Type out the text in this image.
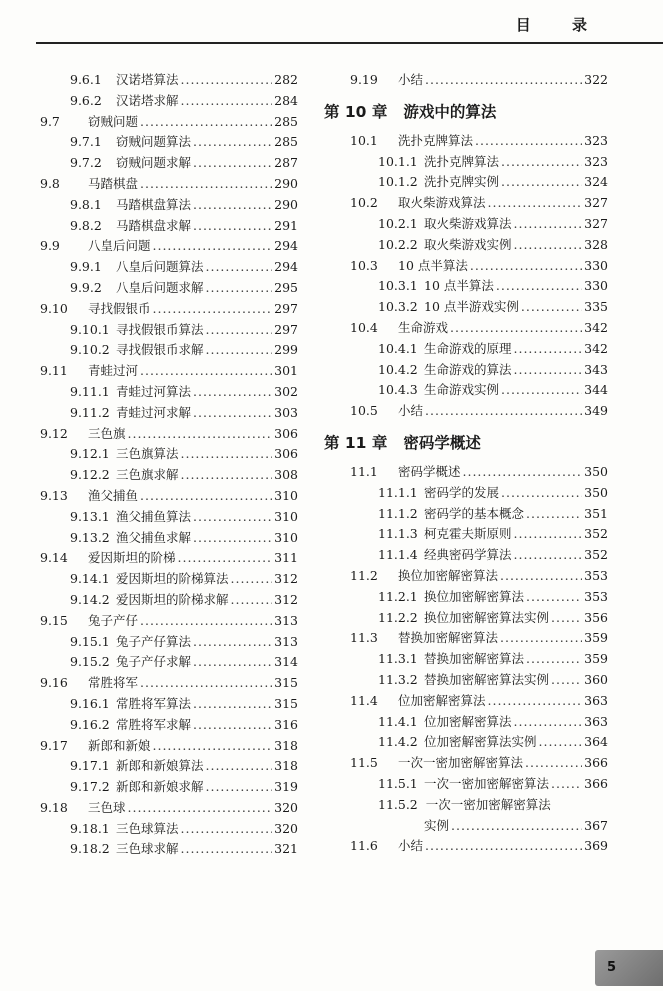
目 录
9.6.1	汉诺塔算法 .....	282
9.6.2	汉诺塔求解 .....	284
9.7	窃贼问题 .....	285
9.7.1	窃贼问题算法 .....	285
9.7.2	窃贼问题求解 .....	287
9.8	马踏棋盘 .....	290
9.8.1	马踏棋盘算法 .....	290
9.8.2	马踏棋盘求解 .....	291
9.9	八皇后问题 .....	294
9.9.1	八皇后问题算法 .....	294
9.9.2	八皇后问题求解 .....	295
9.10	寻找假银币 .....	297
9.10.1 寻找假银币算法 .....	297
9.10.2 寻找假银币求解 .....	299
9.11	青蛙过河 .....	301
9.11.1 青蛙过河算法 .....	302
9.11.2 青蛙过河求解 .....	303
9.12	三色旗 .....	306
9.12.1 三色旗算法 .....	306
9.12.2 三色旗求解 .....	308
9.13	渔父捕鱼 .....	310
9.13.1 渔父捕鱼算法 .....	310
9.13.2 渔父捕鱼求解 .....	310
9.14	爱因斯坦的阶梯 .....	311
9.14.1 爱因斯坦的阶梯算法 .....	312
9.14.2 爱因斯坦的阶梯求解 .....	312
9.15	兔子产仔 .....	313
9.15.1 兔子产仔算法 .....	313
9.15.2 兔子产仔求解 .....	314
9.16	常胜将军 .....	315
9.16.1 常胜将军算法 .....	315
9.16.2 常胜将军求解 .....	316
9.17	新郎和新娘 .....	318
9.17.1 新郎和新娘算法 .....	318
9.17.2 新郎和新娘求解 .....	319
9.18	三色球 .....	320
9.18.1 三色球算法 .....	320
9.18.2 三色球求解 .....	321
9.19	小结 .....	322
第 10 章 游戏中的算法
10.1	洗扑克牌算法 .....	323
10.1.1 洗扑克牌算法 .....	323
10.1.2 洗扑克牌实例 .....	324
10.2	取火柴游戏算法 .....	327
10.2.1 取火柴游戏算法 .....	327
10.2.2 取火柴游戏实例 .....	328
10.3	10 点半算法 .....	330
10.3.1 10 点半算法 .....	330
10.3.2 10 点半游戏实例 .....	335
10.4	生命游戏 .....	342
10.4.1 生命游戏的原理 .....	342
10.4.2 生命游戏的算法 .....	343
10.4.3 生命游戏实例 .....	344
10.5	小结 .....	349
第 11 章 密码学概述
11.1	密码学概述 .....	350
11.1.1 密码学的发展 .....	350
11.1.2 密码学的基本概念 .....	351
11.1.3 柯克霍夫斯原则 .....	352
11.1.4 经典密码学算法 .....	352
11.2	换位加密解密算法 .....	353
11.2.1 换位加密解密算法 .....	353
11.2.2 换位加密解密算法实例 .....	356
11.3	替换加密解密算法 .....	359
11.3.1 替换加密解密算法 .....	359
11.3.2 替换加密解密算法实例 .....	360
11.4	位加密解密算法 .....	363
11.4.1 位加密解密算法 .....	363
11.4.2 位加密解密算法实例 .....	364
11.5	一次一密加密解密算法 .....	366
11.5.1 一次一密加密解密算法 .....	366
11.5.2 一次一密加密解密算法
实例 .....	367
11.6	小结 .....	369
5
